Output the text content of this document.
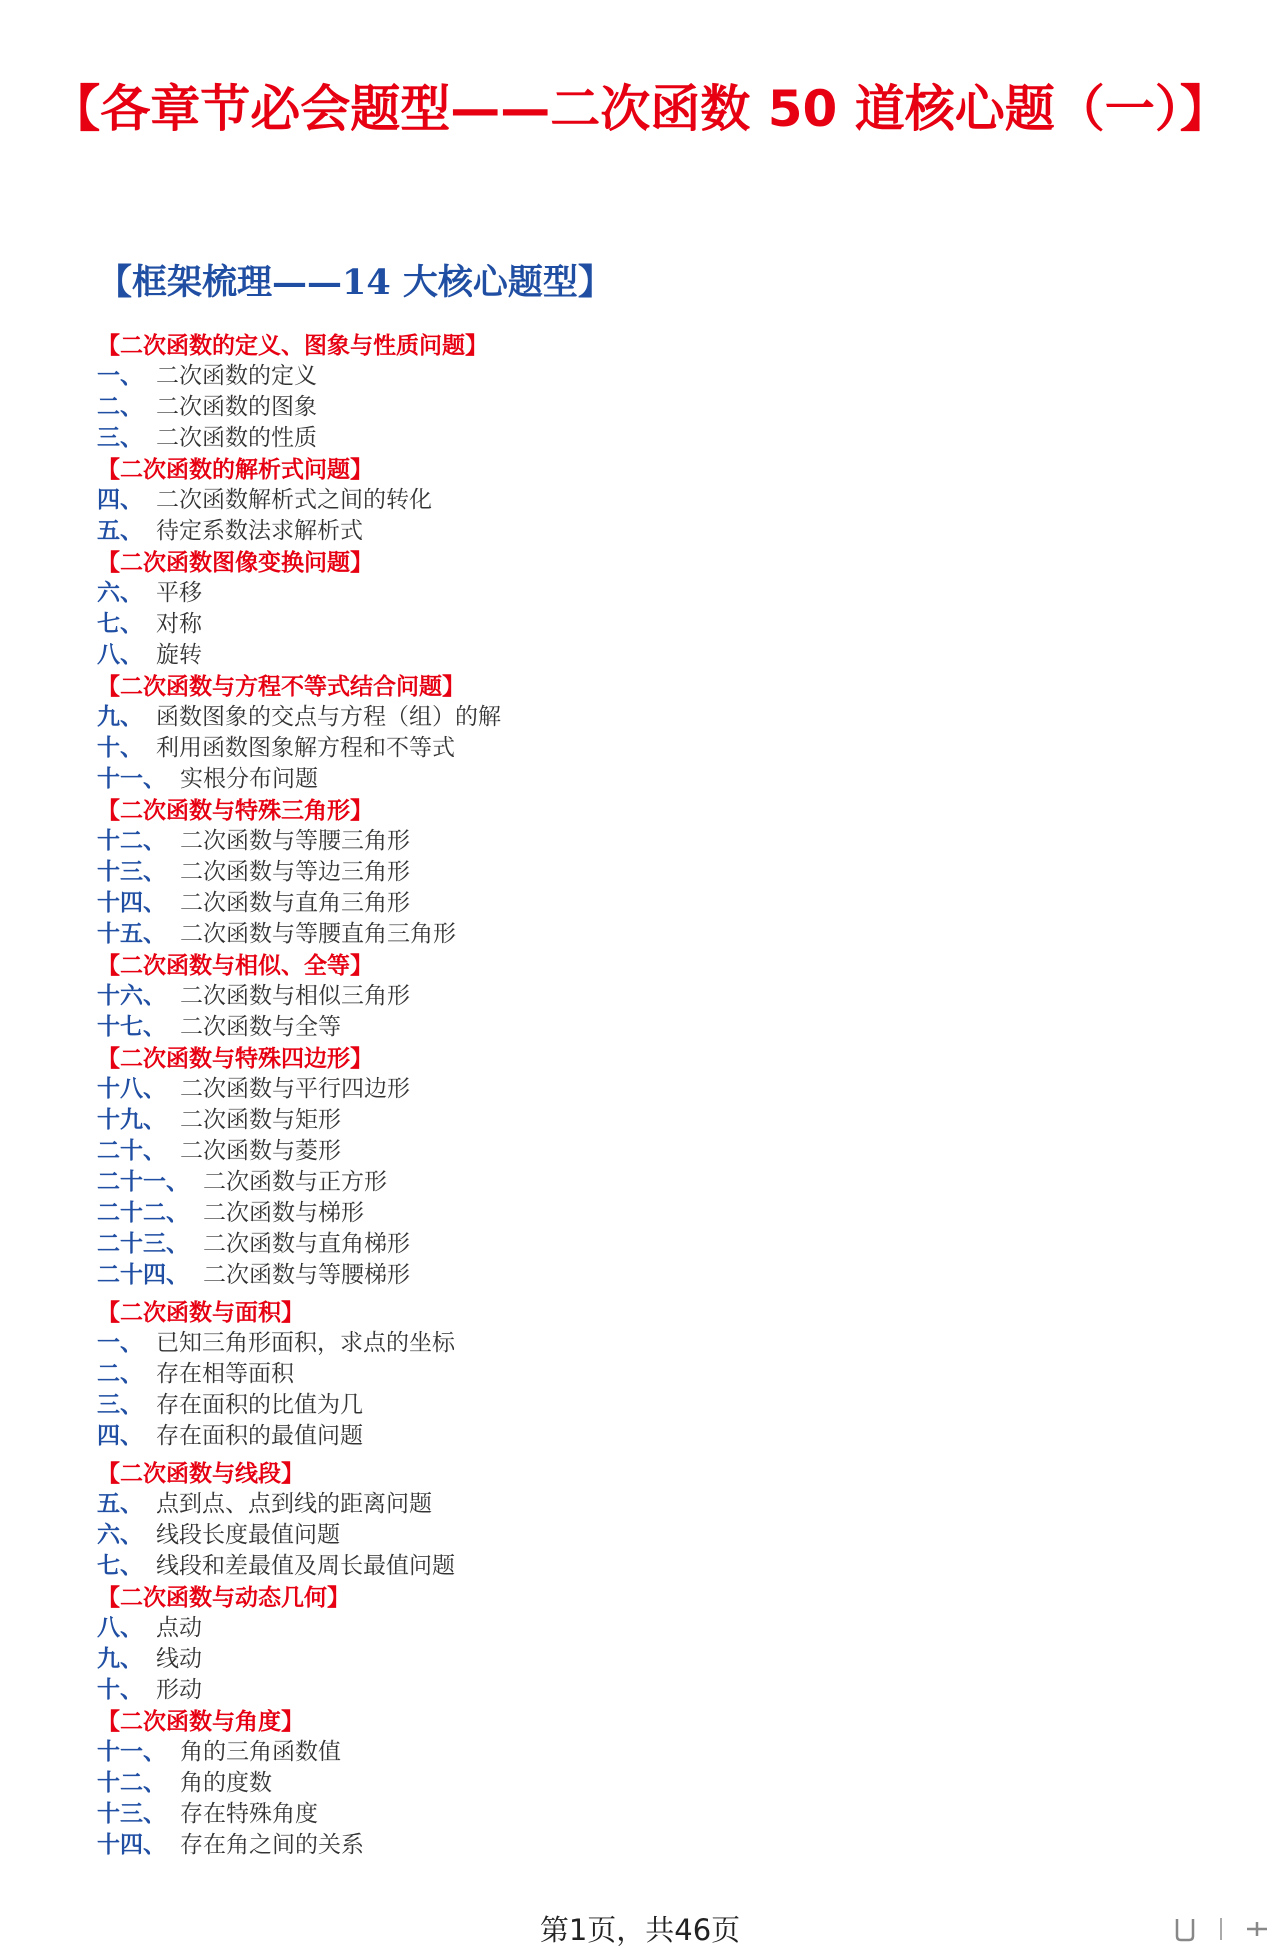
【各章节必会题型——二次函数 50 道核心题（一）】
【框架梳理——14 大核心题型】
【二次函数的定义、图象与性质问题】
一、 二次函数的定义
二、 二次函数的图象
三、 二次函数的性质
【二次函数的解析式问题】
四、 二次函数解析式之间的转化
五、 待定系数法求解析式
【二次函数图像变换问题】
六、 平移
七、 对称
八、 旋转
【二次函数与方程不等式结合问题】
九、 函数图象的交点与方程（组）的解
十、 利用函数图象解方程和不等式
十一、 实根分布问题
【二次函数与特殊三角形】
十二、 二次函数与等腰三角形
十三、 二次函数与等边三角形
十四、 二次函数与直角三角形
十五、 二次函数与等腰直角三角形
【二次函数与相似、全等】
十六、 二次函数与相似三角形
十七、 二次函数与全等
【二次函数与特殊四边形】
十八、 二次函数与平行四边形
十九、 二次函数与矩形
二十、 二次函数与菱形
二十一、 二次函数与正方形
二十二、 二次函数与梯形
二十三、 二次函数与直角梯形
二十四、 二次函数与等腰梯形
【二次函数与面积】
一、 已知三角形面积，求点的坐标
二、 存在相等面积
三、 存在面积的比值为几
四、 存在面积的最值问题
【二次函数与线段】
五、 点到点、点到线的距离问题
六、 线段长度最值问题
七、 线段和差最值及周长最值问题
【二次函数与动态几何】
八、 点动
九、 线动
十、 形动
【二次函数与角度】
十一、 角的三角函数值
十二、 角的度数
十三、 存在特殊角度
十四、 存在角之间的关系
第1页，共46页
